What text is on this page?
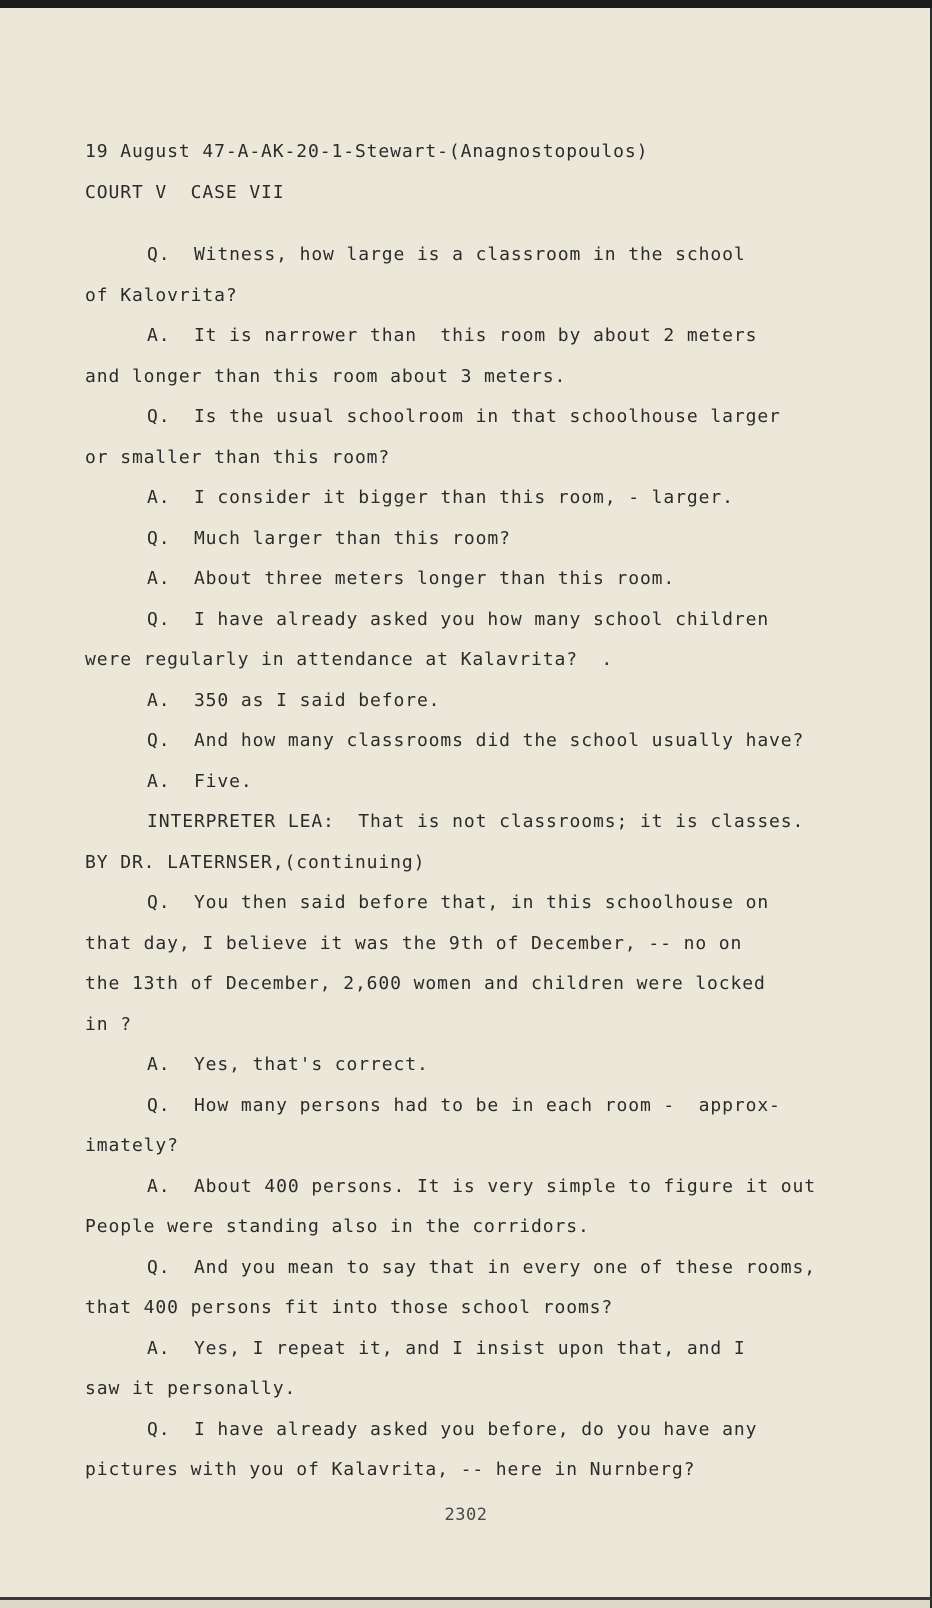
19 August 47-A-AK-20-1-Stewart-(Anagnostopoulos)
COURT V  CASE VII
Q.  Witness, how large is a classroom in the school
of Kalovrita?
A.  It is narrower than  this room by about 2 meters
and longer than this room about 3 meters.
Q.  Is the usual schoolroom in that schoolhouse larger
or smaller than this room?
A.  I consider it bigger than this room, - larger.
Q.  Much larger than this room?
A.  About three meters longer than this room.
Q.  I have already asked you how many school children
were regularly in attendance at Kalavrita?  .
A.  350 as I said before.
Q.  And how many classrooms did the school usually have?
A.  Five.
INTERPRETER LEA:  That is not classrooms; it is classes.
BY DR. LATERNSER,(continuing)
Q.  You then said before that, in this schoolhouse on
that day, I believe it was the 9th of December, -- no on
the 13th of December, 2,600 women and children were locked
in ?
A.  Yes, that's correct.
Q.  How many persons had to be in each room -  approx-
imately?
A.  About 400 persons. It is very simple to figure it out
People were standing also in the corridors.
Q.  And you mean to say that in every one of these rooms,
that 400 persons fit into those school rooms?
A.  Yes, I repeat it, and I insist upon that, and I
saw it personally.
Q.  I have already asked you before, do you have any
pictures with you of Kalavrita, -- here in Nurnberg?
2302
